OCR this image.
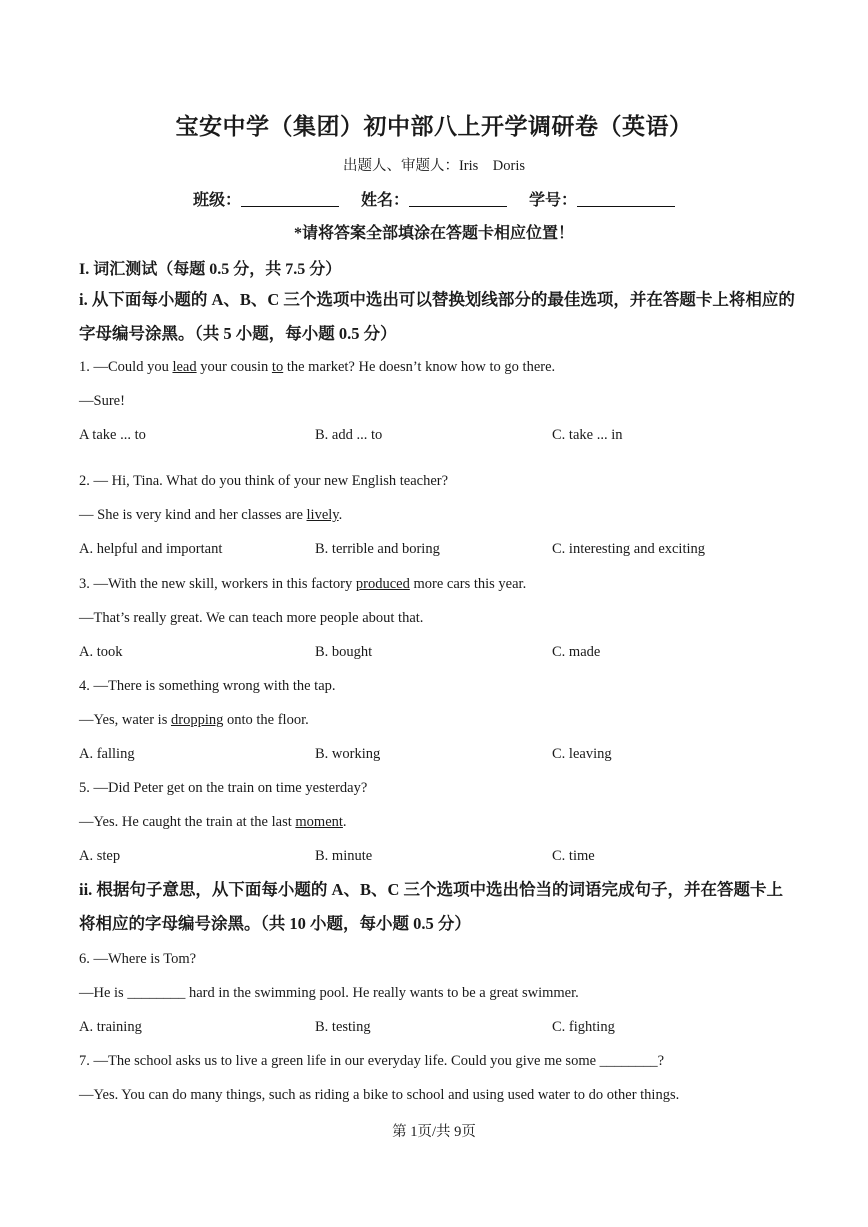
宝安中学（集团）初中部八上开学调研卷（英语）
出题人、审题人：Iris　Doris
班级：	姓名：	学号：
*请将答案全部填涂在答题卡相应位置！
I. 词汇测试（每题 0.5 分，共 7.5 分）
i. 从下面每小题的 A、B、C 三个选项中选出可以替换划线部分的最佳选项，并在答题卡上将相应的字母编号涂黑。（共 5 小题，每小题 0.5 分）
1. —Could you lead your cousin to the market? He doesn’t know how to go there.
—Sure!
A take ... to	B. add ... to	C. take ... in
2. — Hi, Tina. What do you think of your new English teacher?
— She is very kind and her classes are lively.
A. helpful and important	B. terrible and boring	C. interesting and exciting
3. —With the new skill, workers in this factory produced more cars this year.
—That’s really great. We can teach more people about that.
A. took	B. bought	C. made
4. —There is something wrong with the tap.
—Yes, water is dropping onto the floor.
A. falling	B. working	C. leaving
5. —Did Peter get on the train on time yesterday?
—Yes. He caught the train at the last moment.
A. step	B. minute	C. time
ii. 根据句子意思，从下面每小题的 A、B、C 三个选项中选出恰当的词语完成句子，并在答题卡上将相应的字母编号涂黑。（共 10 小题，每小题 0.5 分）
6. —Where is Tom?
—He is ________ hard in the swimming pool. He really wants to be a great swimmer.
A. training	B. testing	C. fighting
7. —The school asks us to live a green life in our everyday life. Could you give me some ________?
—Yes. You can do many things, such as riding a bike to school and using used water to do other things.
第 1页/共 9页
